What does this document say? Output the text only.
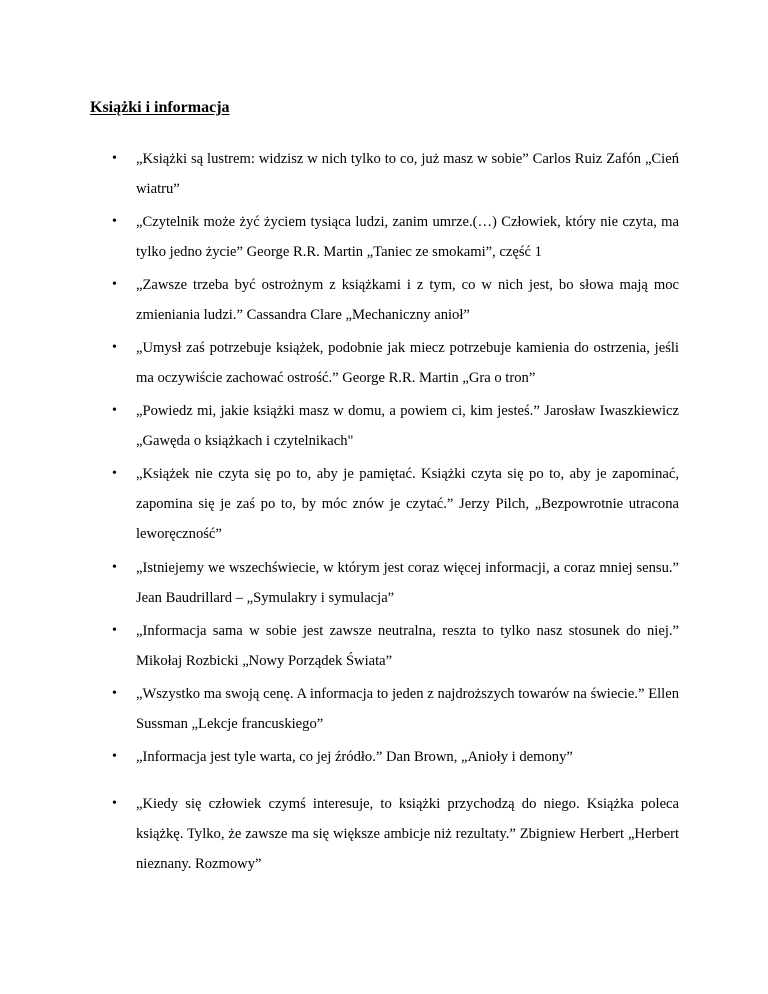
Książki i informacja
• „Książki są lustrem: widzisz w nich tylko to co, już masz w sobie” Carlos Ruiz Zafón „Cień wiatru”

• „Czytelnik może żyć życiem tysiąca ludzi, zanim umrze.(…) Człowiek, który nie czyta, ma tylko jedno życie” George R.R. Martin „Taniec ze smokami”, część 1

• „Zawsze trzeba być ostrożnym z książkami i z tym, co w nich jest, bo słowa mają moc zmieniania ludzi.” Cassandra Clare „Mechaniczny anioł”

• „Umysł zaś potrzebuje książek, podobnie jak miecz potrzebuje kamienia do ostrzenia, jeśli ma oczywiście zachować ostrość.” George R.R. Martin „Gra o tron”

• „Powiedz mi, jakie książki masz w domu, a powiem ci, kim jesteś.” Jarosław Iwaszkiewicz „Gawęda o książkach i czytelnikach"

• „Książek nie czyta się po to, aby je pamiętać. Książki czyta się po to, aby je zapominać, zapomina się je zaś po to, by móc znów je czytać.” Jerzy Pilch, „Bezpowrotnie utracona leworęczność”

• „Istniejemy we wszechświecie, w którym jest coraz więcej informacji, a coraz mniej sensu.” Jean Baudrillard – „Symulakry i symulacja”

• „Informacja sama w sobie jest zawsze neutralna, reszta to tylko nasz stosunek do niej.” Mikołaj Rozbicki „Nowy Porządek Świata”

• „Wszystko ma swoją cenę. A informacja to jeden z najdroższych towarów na świecie.” Ellen Sussman „Lekcje francuskiego”

• „Informacja jest tyle warta, co jej źródło.” Dan Brown, „Anioły i demony”

• „Kiedy się człowiek czymś interesuje, to książki przychodzą do niego. Książka poleca książkę. Tylko, że zawsze ma się większe ambicje niż rezultaty.” Zbigniew Herbert „Herbert nieznany. Rozmowy”
